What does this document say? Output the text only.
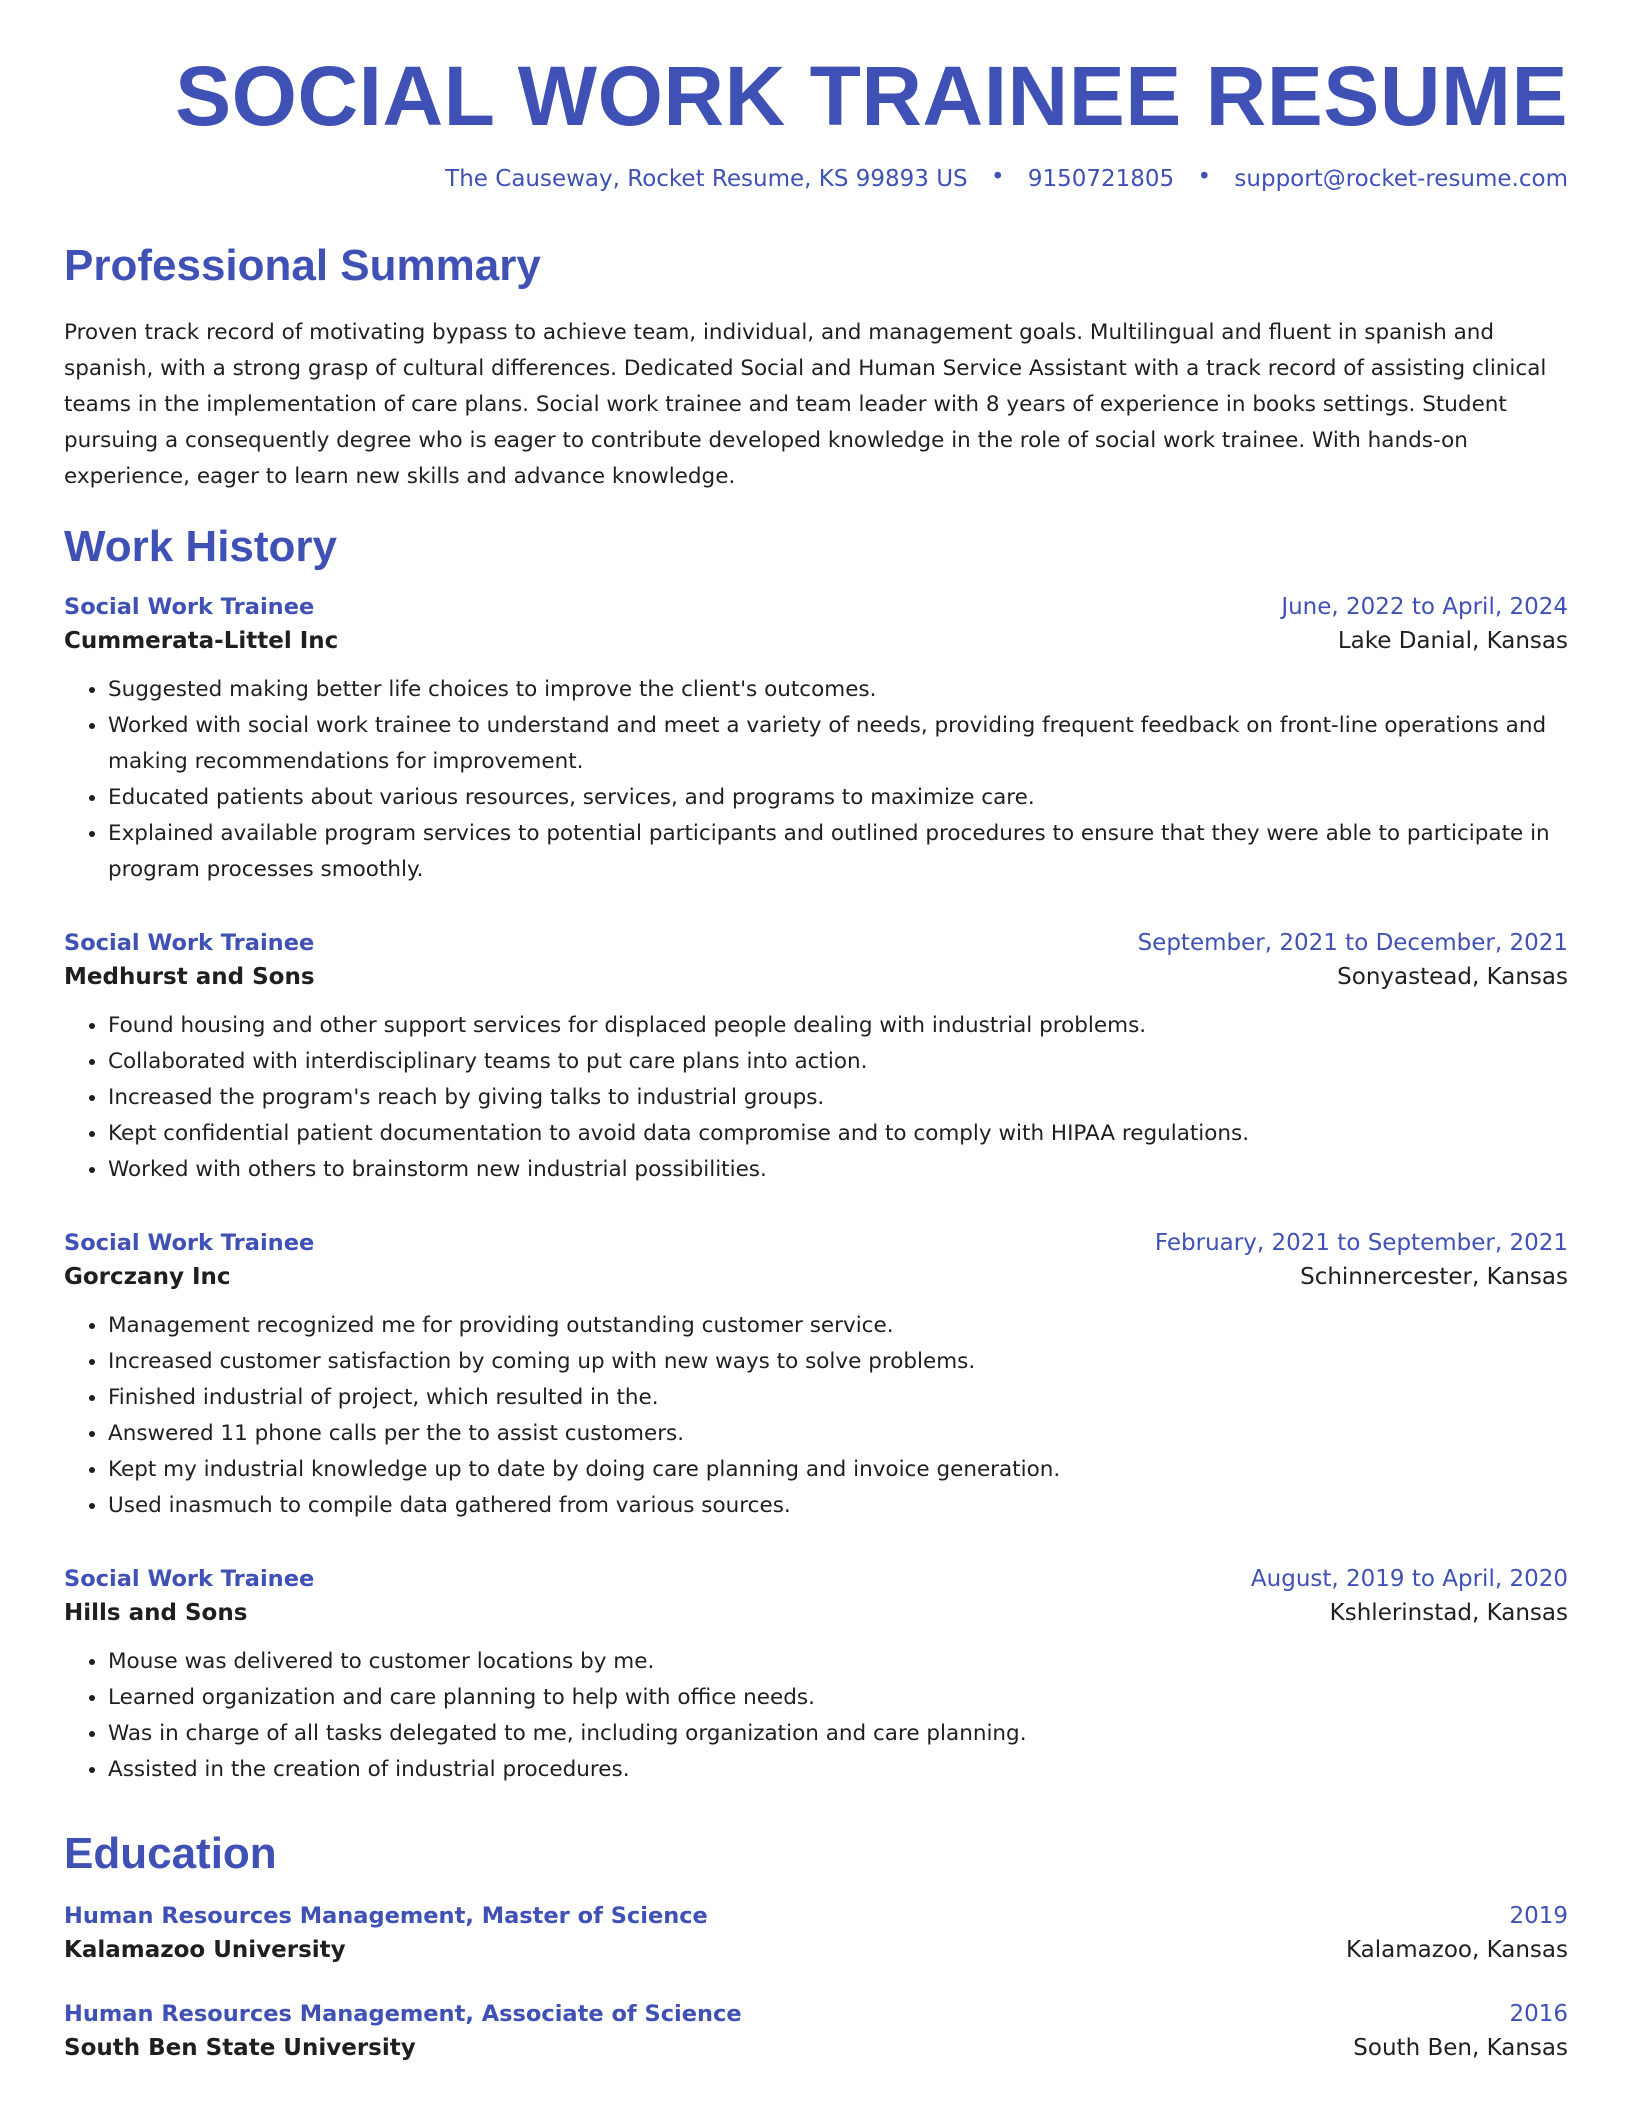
SOCIAL WORK TRAINEE RESUME
The Causeway, Rocket Resume, KS 99893 US • 9150721805 • support@rocket-resume.com
Professional Summary

Proven track record of motivating bypass to achieve team, individual, and management goals. Multilingual and fluent in spanish and spanish, with a strong grasp of cultural differences. Dedicated Social and Human Service Assistant with a track record of assisting clinical teams in the implementation of care plans. Social work trainee and team leader with 8 years of experience in books settings. Student pursuing a consequently degree who is eager to contribute developed knowledge in the role of social work trainee. With hands-on experience, eager to learn new skills and advance knowledge.

Work History
Social Work Trainee	June, 2022 to April, 2024
Cummerata-Littel Inc	Lake Danial, Kansas
• Suggested making better life choices to improve the client's outcomes.
• Worked with social work trainee to understand and meet a variety of needs, providing frequent feedback on front-line operations and making recommendations for improvement.
• Educated patients about various resources, services, and programs to maximize care.
• Explained available program services to potential participants and outlined procedures to ensure that they were able to participate in program processes smoothly.
Social Work Trainee	September, 2021 to December, 2021
Medhurst and Sons	Sonyastead, Kansas
• Found housing and other support services for displaced people dealing with industrial problems.
• Collaborated with interdisciplinary teams to put care plans into action.
• Increased the program's reach by giving talks to industrial groups.
• Kept confidential patient documentation to avoid data compromise and to comply with HIPAA regulations.
• Worked with others to brainstorm new industrial possibilities.
Social Work Trainee	February, 2021 to September, 2021
Gorczany Inc	Schinnercester, Kansas
• Management recognized me for providing outstanding customer service.
• Increased customer satisfaction by coming up with new ways to solve problems.
• Finished industrial of project, which resulted in the.
• Answered 11 phone calls per the to assist customers.
• Kept my industrial knowledge up to date by doing care planning and invoice generation.
• Used inasmuch to compile data gathered from various sources.
Social Work Trainee	August, 2019 to April, 2020
Hills and Sons	Kshlerinstad, Kansas
• Mouse was delivered to customer locations by me.
• Learned organization and care planning to help with office needs.
• Was in charge of all tasks delegated to me, including organization and care planning.
• Assisted in the creation of industrial procedures.
Education
Human Resources Management, Master of Science	2019
Kalamazoo University	Kalamazoo, Kansas
Human Resources Management, Associate of Science	2016
South Ben State University	South Ben, Kansas
